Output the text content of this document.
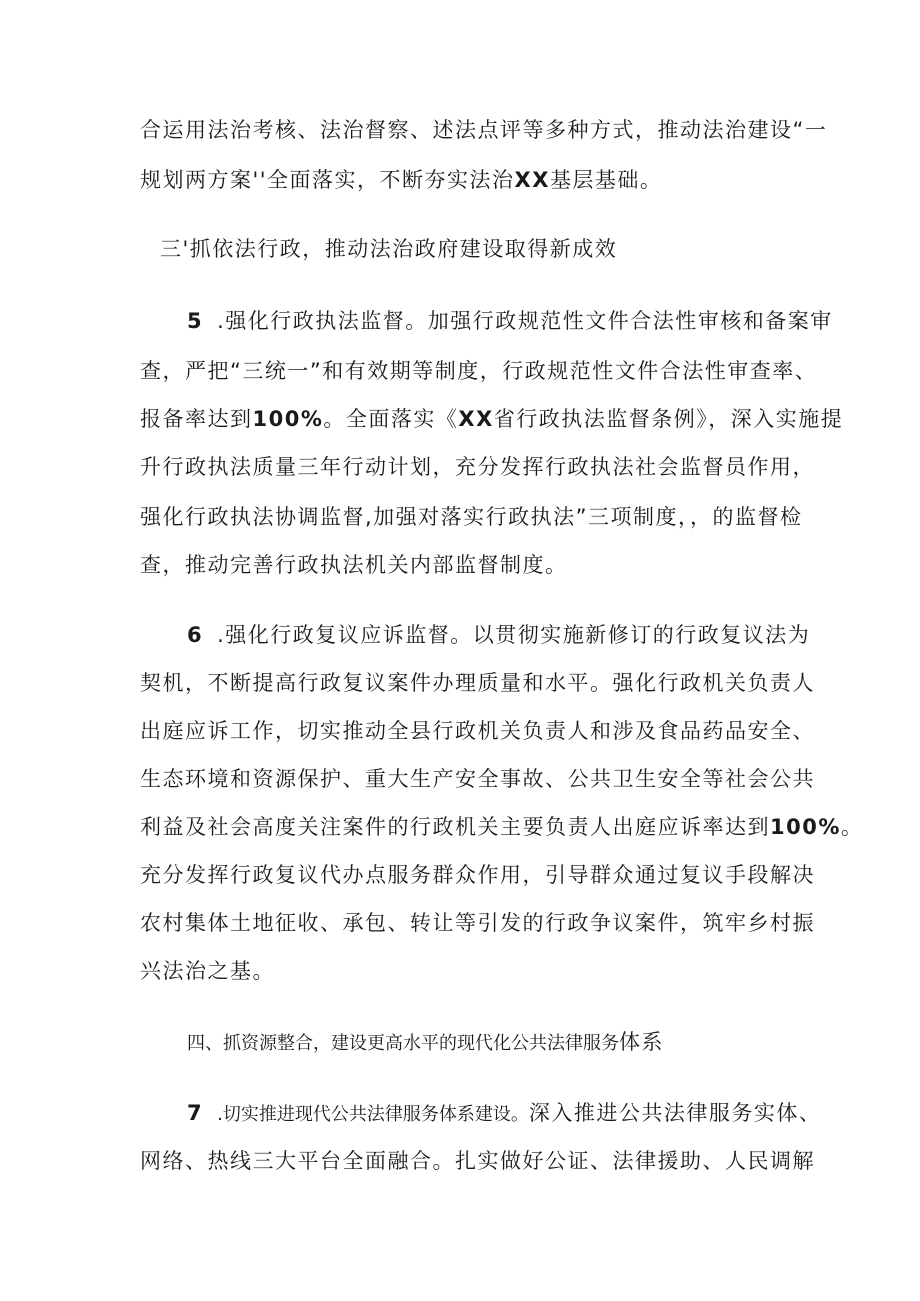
合运用法治考核、法治督察、述法点评等多种方式，推动法治建设“一
规划两方案''全面落实，不断夯实法治XX基层基础。
三'抓依法行政，推动法治政府建设取得新成效
5 .强化行政执法监督。加强行政规范性文件合法性审核和备案审
查，严把“三统一”和有效期等制度，行政规范性文件合法性审查率、
报备率达到100%。全面落实《XX省行政执法监督条例》，深入实施提
升行政执法质量三年行动计划，充分发挥行政执法社会监督员作用，
强化行政执法协调监督,加强对落实行政执法”三项制度，，的监督检
查，推动完善行政执法机关内部监督制度。
6 .强化行政复议应诉监督。以贯彻实施新修订的行政复议法为
契机，不断提高行政复议案件办理质量和水平。强化行政机关负责人
出庭应诉工作，切实推动全县行政机关负责人和涉及食品药品安全、
生态环境和资源保护、重大生产安全事故、公共卫生安全等社会公共
利益及社会高度关注案件的行政机关主要负责人出庭应诉率达到100%。
充分发挥行政复议代办点服务群众作用，引导群众通过复议手段解决
农村集体土地征收、承包、转让等引发的行政争议案件，筑牢乡村振
兴法治之基。
四、抓资源整合，建设更高水平的现代化公共法律服务体系
7 .切实推进现代公共法律服务体系建设。深入推进公共法律服务实体、
网络、热线三大平台全面融合。扎实做好公证、法律援助、人民调解
